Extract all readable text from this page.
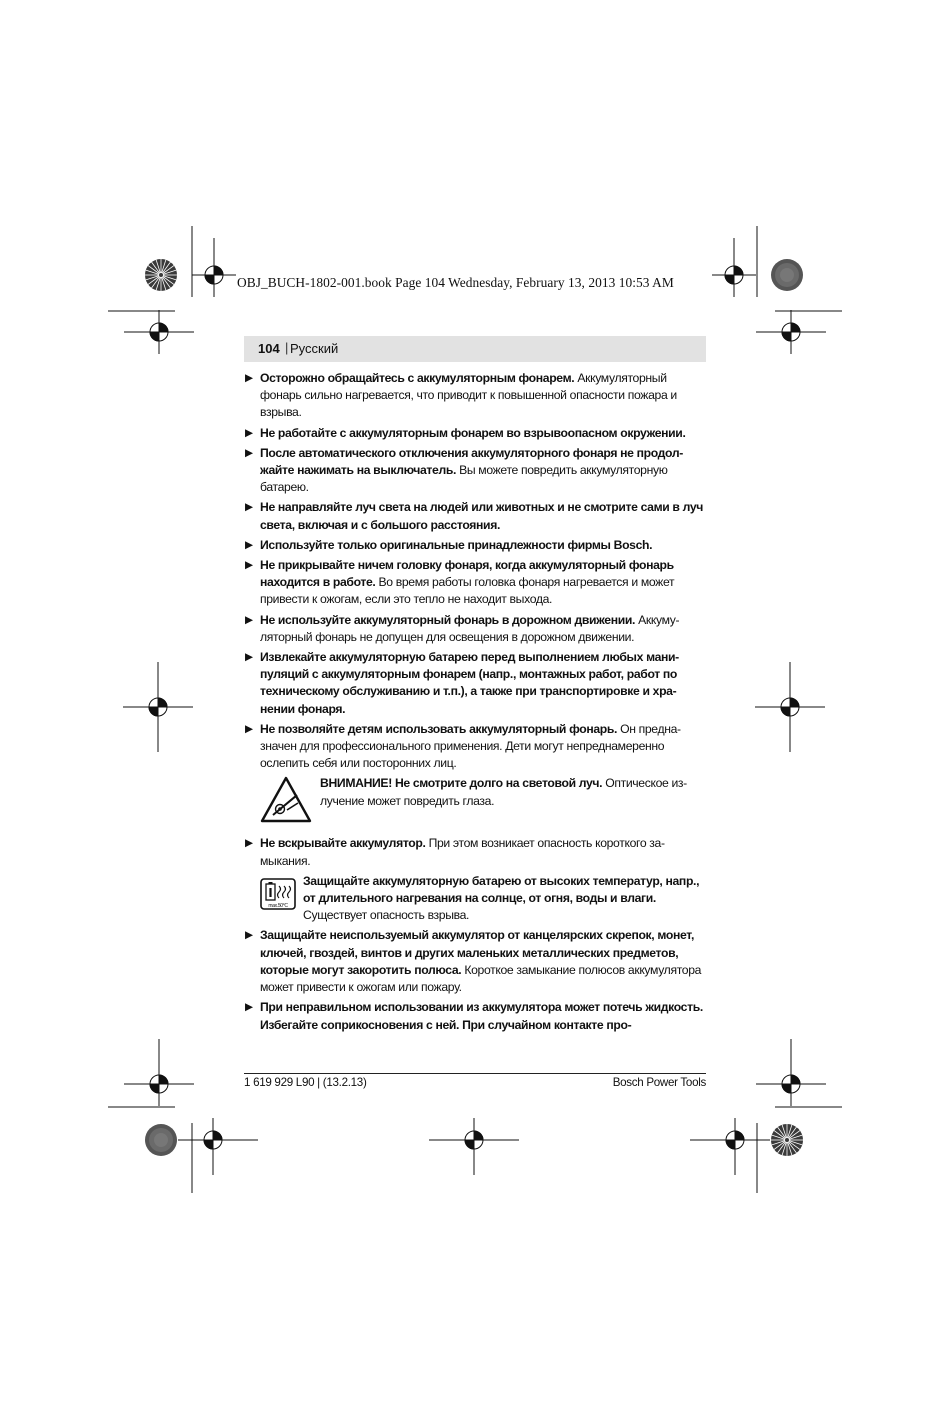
OBJ_BUCH-1802-001.book Page 104 Wednesday, February 13, 2013 10:53 AM
104 | Русский
▶ Осторожно обращайтесь с аккумуляторным фонарем. Аккумуляторный фонарь сильно нагревается, что приводит к повышенной опасности пожара и взрыва.
▶ Не работайте с аккумуляторным фонарем во взрывоопасном окружении.
▶ После автоматического отключения аккумуляторного фонаря не продолжайте нажимать на выключатель. Вы можете повредить аккумуляторную батарею.
▶ Не направляйте луч света на людей или животных и не смотрите сами в луч света, включая и с большого расстояния.
▶ Используйте только оригинальные принадлежности фирмы Bosch.
▶ Не прикрывайте ничем головку фонаря, когда аккумуляторный фонарь находится в работе. Во время работы головка фонаря нагревается и может привести к ожогам, если это тепло не находит выхода.
▶ Не используйте аккумуляторный фонарь в дорожном движении. Аккумуляторный фонарь не допущен для освещения в дорожном движении.
▶ Извлекайте аккумуляторную батарею перед выполнением любых манипуляций с аккумуляторным фонарем (напр., монтажных работ, работ по техническому обслуживанию и т.п.), а также при транспортировке и хранении фонаря.
▶ Не позволяйте детям использовать аккумуляторный фонарь. Он предназначен для профессионального применения. Дети могут непреднамеренно ослепить себя или посторонних лиц.
ВНИМАНИЕ! Не смотрите долго на световой луч. Оптическое излучение может повредить глаза.
▶ Не вскрывайте аккумулятор. При этом возникает опасность короткого замыкания.
max.50°C
Защищайте аккумуляторную батарею от высоких температур, напр., от длительного нагревания на солнце, от огня, воды и влаги. Существует опасность взрыва.
▶ Защищайте неиспользуемый аккумулятор от канцелярских скрепок, монет, ключей, гвоздей, винтов и других маленьких металлических предметов, которые могут закоротить полюса. Короткое замыкание полюсов аккумулятора может привести к ожогам или пожару.
▶ При неправильном использовании из аккумулятора может потечь жидкость. Избегайте соприкосновения с ней. При случайном контакте про-
1 619 929 L90 | (13.2.13)	Bosch Power Tools
